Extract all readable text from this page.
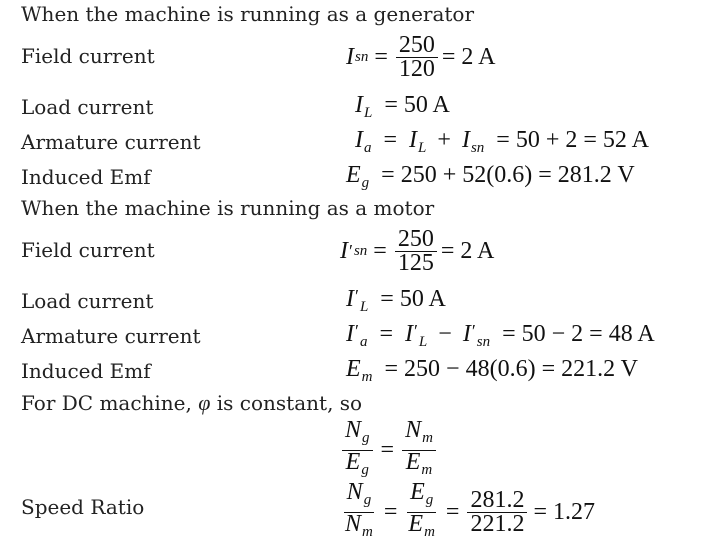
When the machine is running as a generator
Field current	I sn = $\frac{250}{120} = 2$ A
Load current	$I_L = 50$ A
Armature current	$I_a = I_L + I_{sn} = 50 + 2 = 52$ A
Induced Emf	$E_g = 250 + 52(0.6) = 281.2$ V
When the machine is running as a motor
Field current	I ′ sn = $\frac{250}{125} = 2$ A
Load current	$I'_L = 50$ A
Armature current	$I'_a = I'_L - I'_{sn} = 50 - 2 = 48$ A
Induced Emf	$E_m = 250 - 48(0.6) = 221.2$ V
For DC machine, φ is constant, so
$\frac{N_g}{E_g} = \frac{N_m}{E_m}$
Speed Ratio	$\frac{N_g}{N_m} = \frac{E_g}{E_m} = \frac{281.2}{221.2} = 1.27$
